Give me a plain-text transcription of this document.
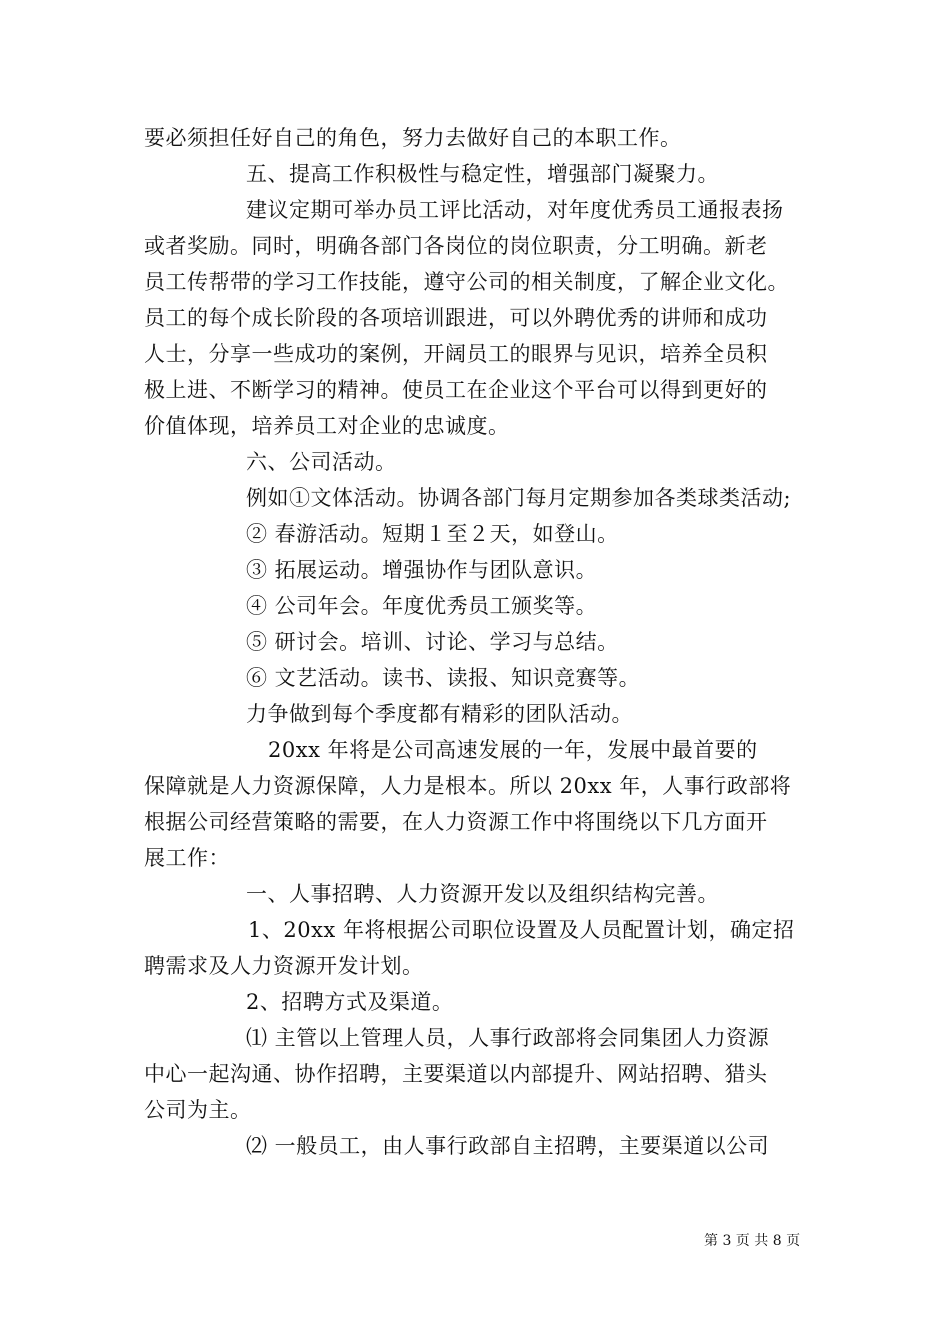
要必须担任好自己的角色，努力去做好自己的本职工作。
五、提高工作积极性与稳定性，增强部门凝聚力。
建议定期可举办员工评比活动，对年度优秀员工通报表扬
或者奖励。同时，明确各部门各岗位的岗位职责，分工明确。新老
员工传帮带的学习工作技能，遵守公司的相关制度，了解企业文化。
员工的每个成长阶段的各项培训跟进，可以外聘优秀的讲师和成功
人士，分享一些成功的案例，开阔员工的眼界与见识，培养全员积
极上进、不断学习的精神。使员工在企业这个平台可以得到更好的
价值体现，培养员工对企业的忠诚度。
六、公司活动。
例如①文体活动。协调各部门每月定期参加各类球类活动;
② 春游活动。短期１至２天，如登山。
③ 拓展运动。增强协作与团队意识。
④ 公司年会。年度优秀员工颁奖等。
⑤ 研讨会。培训、讨论、学习与总结。
⑥ 文艺活动。读书、读报、知识竞赛等。
力争做到每个季度都有精彩的团队活动。
20xx 年将是公司高速发展的一年，发展中最首要的
保障就是人力资源保障，人力是根本。所以 20xx 年，人事行政部将
根据公司经营策略的需要，在人力资源工作中将围绕以下几方面开
展工作：
一、人事招聘、人力资源开发以及组织结构完善。
1、20xx 年将根据公司职位设置及人员配置计划，确定招
聘需求及人力资源开发计划。
2、招聘方式及渠道。
⑴ 主管以上管理人员，人事行政部将会同集团人力资源
中心一起沟通、协作招聘，主要渠道以内部提升、网站招聘、猎头
公司为主。
⑵ 一般员工，由人事行政部自主招聘，主要渠道以公司
第 3 页 共 8 页
